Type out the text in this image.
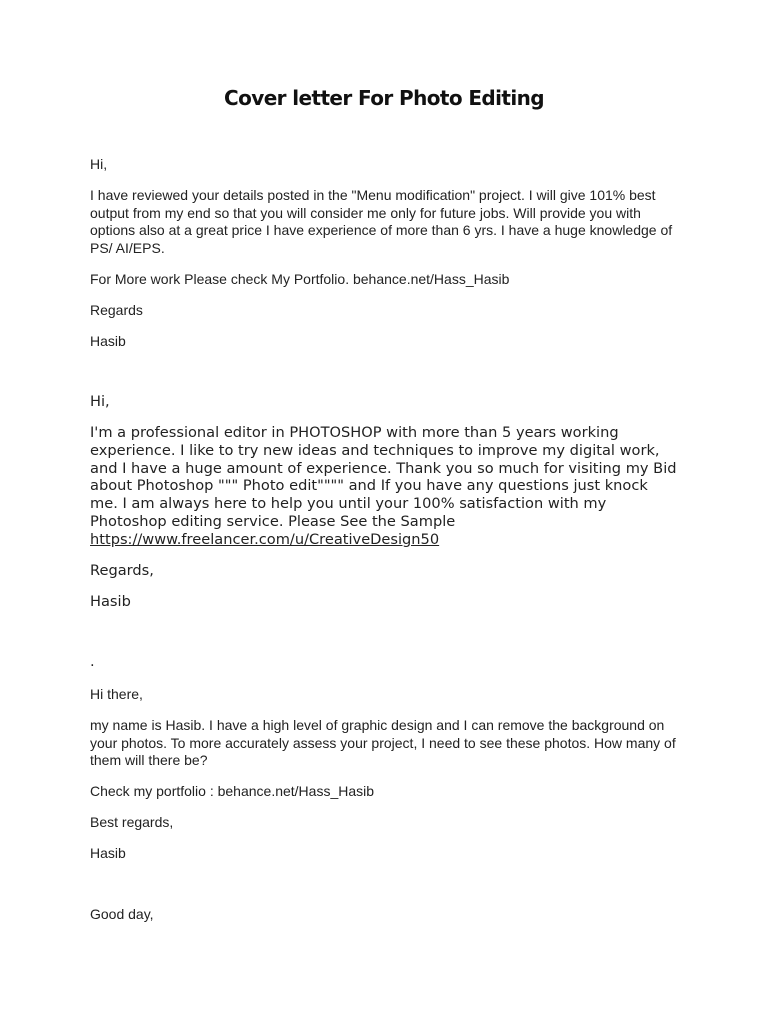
Cover letter For Photo Editing

Hi,

I have reviewed your details posted in the "Menu modification" project. I will give 101% best output from my end so that you will consider me only for future jobs. Will provide you with options also at a great price I have experience of more than 6 yrs. I have a huge knowledge of PS/ AI/EPS.

For More work Please check My Portfolio. behance.net/Hass_Hasib

Regards

Hasib

Hi,

I'm a professional editor in PHOTOSHOP with more than 5 years working experience. I like to try new ideas and techniques to improve my digital work, and I have a huge amount of experience. Thank you so much for visiting my Bid about Photoshop """ Photo edit"""" and If you have any questions just knock me. I am always here to help you until your 100% satisfaction with my Photoshop editing service. Please See the Sample
https://www.freelancer.com/u/CreativeDesign50

Regards,

Hasib

.

Hi there,

my name is Hasib. I have a high level of graphic design and I can remove the background on your photos. To more accurately assess your project, I need to see these photos. How many of them will there be?

Check my portfolio : behance.net/Hass_Hasib

Best regards,

Hasib

Good day,
